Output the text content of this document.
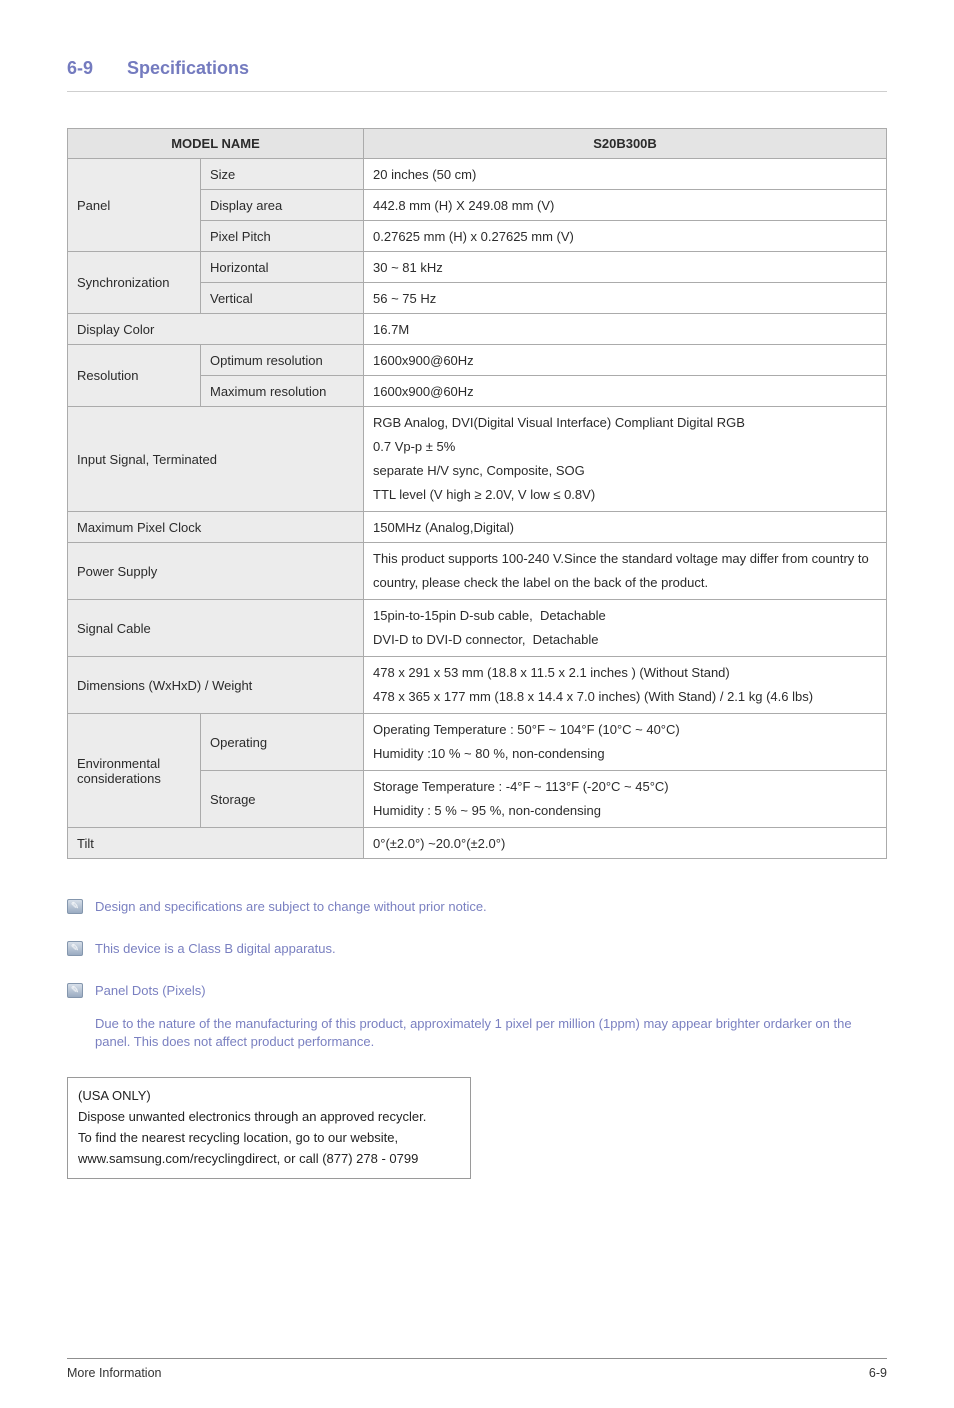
6-9 Specifications
MODEL NAME		S20B300B
Panel	Size	20 inches (50 cm)
	Display area	442.8 mm (H) X 249.08 mm (V)
	Pixel Pitch	0.27625 mm (H) x 0.27625 mm (V)
Synchronization	Horizontal	30 ~ 81 kHz
	Vertical	56 ~ 75 Hz
Display Color		16.7M
Resolution	Optimum resolution	1600x900@60Hz
	Maximum resolution	1600x900@60Hz
Input Signal, Terminated		RGB Analog, DVI(Digital Visual Interface) Compliant Digital RGB
0.7 Vp-p ± 5%
separate H/V sync, Composite, SOG
TTL level (V high ≥ 2.0V, V low ≤ 0.8V)

Maximum Pixel Clock		150MHz (Analog,Digital)
Power Supply		This product supports 100-240 V.Since the standard voltage may differ from country to country, please check the label on the back of the product.

Signal Cable		15pin-to-15pin D-sub cable,  Detachable
DVI-D to DVI-D connector,  Detachable

Dimensions (WxHxD) / Weight		478 x 291 x 53 mm (18.8 x 11.5 x 2.1 inches ) (Without Stand)
478 x 365 x 177 mm (18.8 x 14.4 x 7.0 inches) (With Stand) / 2.1 kg (4.6 lbs)

Environmental considerations	Operating	Operating Temperature : 50°F ~ 104°F (10°C ~ 40°C)
Humidity :10 % ~ 80 %, non-condensing

	Storage	Storage Temperature : -4°F ~ 113°F (-20°C ~ 45°C)
Humidity : 5 % ~ 95 %, non-condensing

Tilt		0°(±2.0°) ~20.0°(±2.0°)
✎ Design and specifications are subject to change without prior notice.
✎ This device is a Class B digital apparatus.
✎ Panel Dots (Pixels)
Due to the nature of the manufacturing of this product, approximately 1 pixel per million (1ppm) may appear brighter ordarker on the panel. This does not affect product performance.
(USA ONLY)
Dispose unwanted electronics through an approved recycler.
To find the nearest recycling location, go to our website,
www.samsung.com/recyclingdirect, or call (877) 278 - 0799
More Information	6-9
